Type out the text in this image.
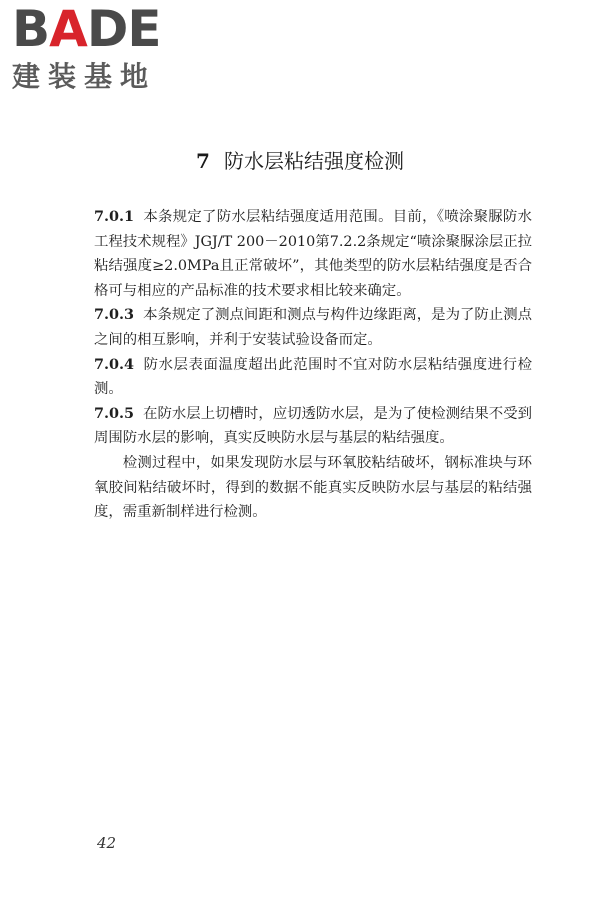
BADE
建装基地
7 防水层粘结强度检测

7.0.1 本条规定了防水层粘结强度适用范围。目前，《喷涂聚脲防水工程技术规程》JGJ/T 200－2010第7.2.2条规定“喷涂聚脲涂层正拉粘结强度≥2.0MPa且正常破坏”，其他类型的防水层粘结强度是否合格可与相应的产品标准的技术要求相比较来确定。

7.0.3 本条规定了测点间距和测点与构件边缘距离，是为了防止测点之间的相互影响，并利于安装试验设备而定。

7.0.4 防水层表面温度超出此范围时不宜对防水层粘结强度进行检测。

7.0.5 在防水层上切槽时，应切透防水层，是为了使检测结果不受到周围防水层的影响，真实反映防水层与基层的粘结强度。

检测过程中，如果发现防水层与环氧胶粘结破坏，钢标准块与环氧胶间粘结破坏时，得到的数据不能真实反映防水层与基层的粘结强度，需重新制样进行检测。

42
